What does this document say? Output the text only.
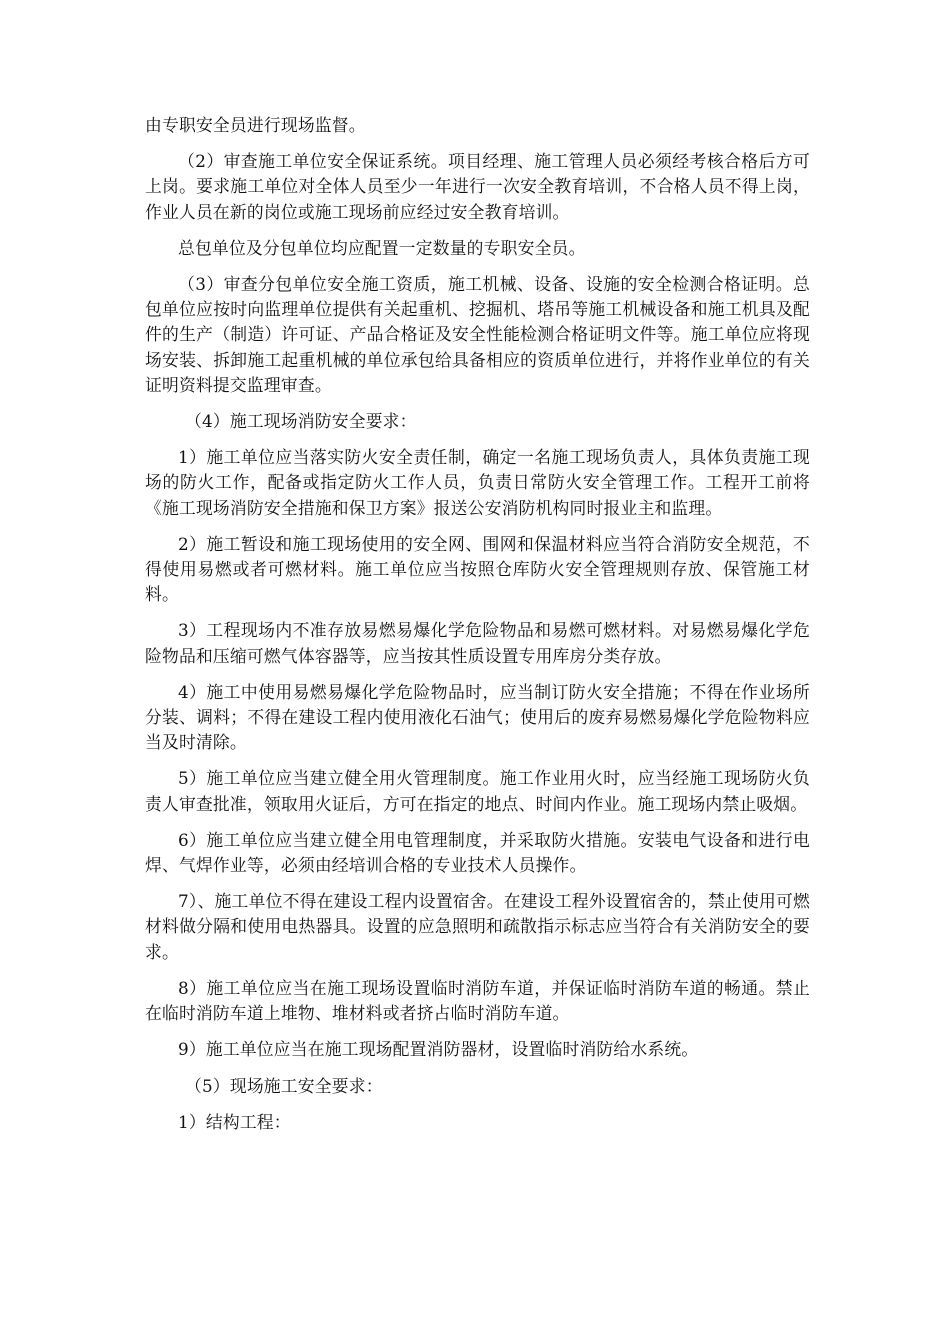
由专职安全员进行现场监督。

（2）审查施工单位安全保证系统。项目经理、施工管理人员必须经考核合格后方可上岗。要求施工单位对全体人员至少一年进行一次安全教育培训，不合格人员不得上岗，作业人员在新的岗位或施工现场前应经过安全教育培训。

总包单位及分包单位均应配置一定数量的专职安全员。

（3）审查分包单位安全施工资质，施工机械、设备、设施的安全检测合格证明。总包单位应按时向监理单位提供有关起重机、挖掘机、塔吊等施工机械设备和施工机具及配件的生产（制造）许可证、产品合格证及安全性能检测合格证明文件等。施工单位应将现场安装、拆卸施工起重机械的单位承包给具备相应的资质单位进行，并将作业单位的有关证明资料提交监理审查。

（4）施工现场消防安全要求：

1）施工单位应当落实防火安全责任制，确定一名施工现场负责人，具体负责施工现场的防火工作，配备或指定防火工作人员，负责日常防火安全管理工作。工程开工前将《施工现场消防安全措施和保卫方案》报送公安消防机构同时报业主和监理。

2）施工暂设和施工现场使用的安全网、围网和保温材料应当符合消防安全规范，不得使用易燃或者可燃材料。施工单位应当按照仓库防火安全管理规则存放、保管施工材料。

3）工程现场内不准存放易燃易爆化学危险物品和易燃可燃材料。对易燃易爆化学危险物品和压缩可燃气体容器等，应当按其性质设置专用库房分类存放。

4）施工中使用易燃易爆化学危险物品时，应当制订防火安全措施；不得在作业场所分装、调料；不得在建设工程内使用液化石油气；使用后的废弃易燃易爆化学危险物料应当及时清除。

5）施工单位应当建立健全用火管理制度。施工作业用火时，应当经施工现场防火负责人审查批准，领取用火证后，方可在指定的地点、时间内作业。施工现场内禁止吸烟。

6）施工单位应当建立健全用电管理制度，并采取防火措施。安装电气设备和进行电焊、气焊作业等，必须由经培训合格的专业技术人员操作。

7）、施工单位不得在建设工程内设置宿舍。在建设工程外设置宿舍的，禁止使用可燃材料做分隔和使用电热器具。设置的应急照明和疏散指示标志应当符合有关消防安全的要求。

8）施工单位应当在施工现场设置临时消防车道，并保证临时消防车道的畅通。禁止在临时消防车道上堆物、堆材料或者挤占临时消防车道。

9）施工单位应当在施工现场配置消防器材，设置临时消防给水系统。

（5）现场施工安全要求：

1）结构工程：
